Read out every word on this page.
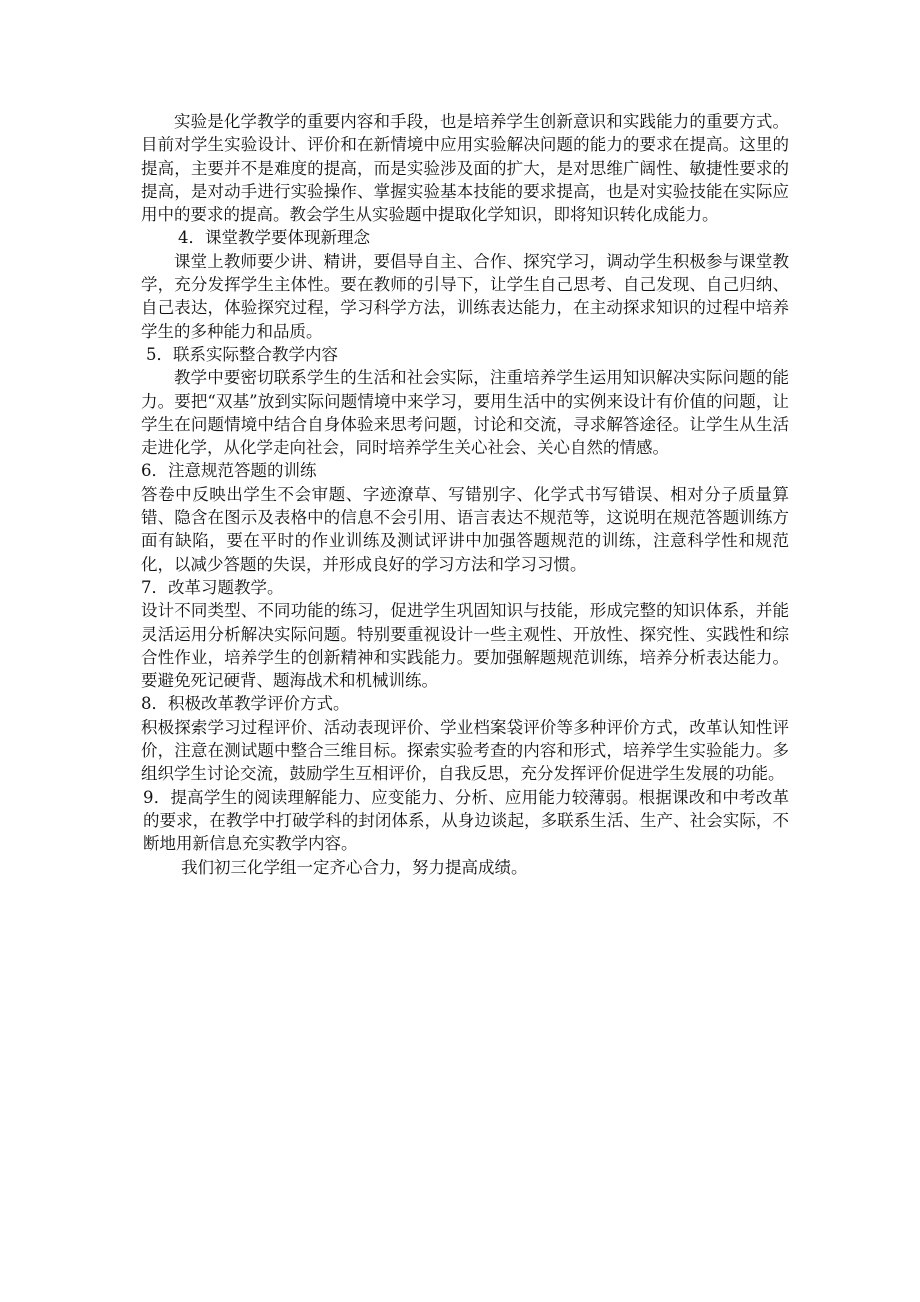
实验是化学教学的重要内容和手段，也是培养学生创新意识和实践能力的重要方式。目前对学生实验设计、评价和在新情境中应用实验解决问题的能力的要求在提高。这里的提高，主要并不是难度的提高，而是实验涉及面的扩大，是对思维广阔性、敏捷性要求的提高，是对动手进行实验操作、掌握实验基本技能的要求提高，也是对实验技能在实际应用中的要求的提高。教会学生从实验题中提取化学知识，即将知识转化成能力。

4．课堂教学要体现新理念

课堂上教师要少讲、精讲，要倡导自主、合作、探究学习，调动学生积极参与课堂教学，充分发挥学生主体性。要在教师的引导下，让学生自己思考、自己发现、自己归纳、自己表达，体验探究过程，学习科学方法，训练表达能力，在主动探求知识的过程中培养学生的多种能力和品质。

5．联系实际整合教学内容

教学中要密切联系学生的生活和社会实际，注重培养学生运用知识解决实际问题的能力。要把“双基”放到实际问题情境中来学习，要用生活中的实例来设计有价值的问题，让学生在问题情境中结合自身体验来思考问题，讨论和交流，寻求解答途径。让学生从生活走进化学，从化学走向社会，同时培养学生关心社会、关心自然的情感。

6．注意规范答题的训练

答卷中反映出学生不会审题、字迹潦草、写错别字、化学式书写错误、相对分子质量算错、隐含在图示及表格中的信息不会引用、语言表达不规范等，这说明在规范答题训练方面有缺陷，要在平时的作业训练及测试评讲中加强答题规范的训练，注意科学性和规范化，以减少答题的失误，并形成良好的学习方法和学习习惯。

7．改革习题教学。

设计不同类型、不同功能的练习，促进学生巩固知识与技能，形成完整的知识体系，并能灵活运用分析解决实际问题。特别要重视设计一些主观性、开放性、探究性、实践性和综合性作业，培养学生的创新精神和实践能力。要加强解题规范训练，培养分析表达能力。要避免死记硬背、题海战术和机械训练。

8．积极改革教学评价方式。

积极探索学习过程评价、活动表现评价、学业档案袋评价等多种评价方式，改革认知性评价，注意在测试题中整合三维目标。探索实验考查的内容和形式，培养学生实验能力。多组织学生讨论交流，鼓励学生互相评价，自我反思，充分发挥评价促进学生发展的功能。

9．提高学生的阅读理解能力、应变能力、分析、应用能力较薄弱。根据课改和中考改革的要求，在教学中打破学科的封闭体系，从身边谈起，多联系生活、生产、社会实际，不断地用新信息充实教学内容。

我们初三化学组一定齐心合力，努力提高成绩。
